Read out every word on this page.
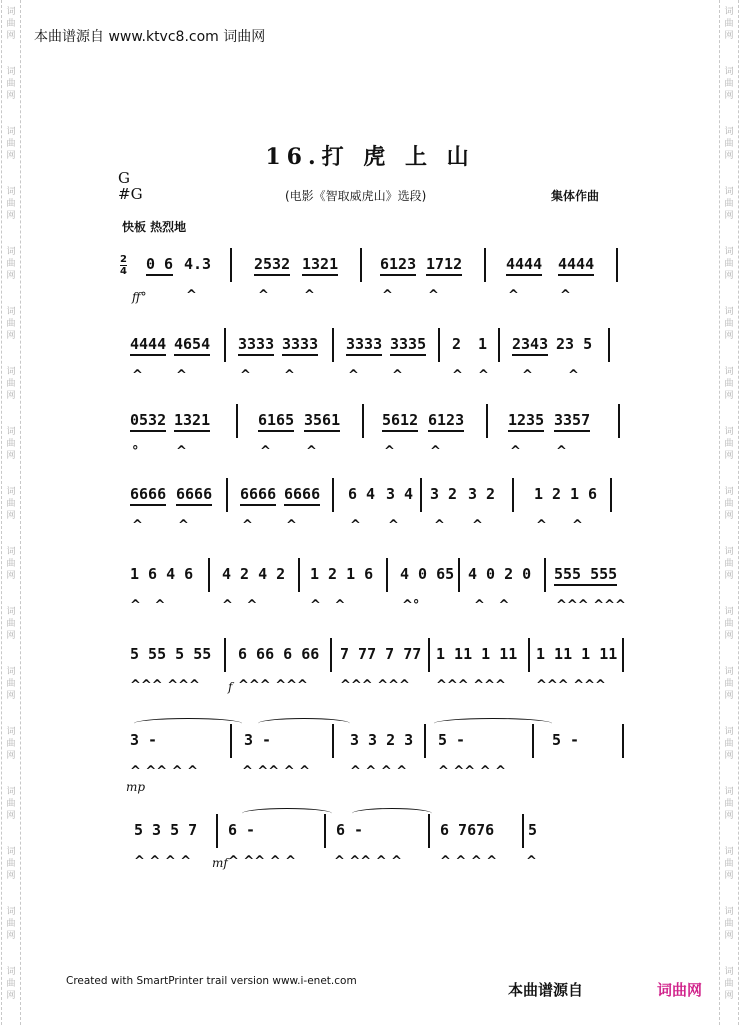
词
曲
网
词
曲
网
词
曲
网
词
曲
网
词
曲
网
词
曲
网
词
曲
网
词
曲
网
词
曲
网
词
曲
网
词
曲
网
词
曲
网
词
曲
网
词
曲
网
词
曲
网
词
曲
网
词
曲
网
词
曲
网
词
曲
网
词
曲
网
词
曲
网
词
曲
网
词
曲
网
词
曲
网
词
曲
网
词
曲
网
词
曲
网
词
曲
网
词
曲
网
词
曲
网
词
曲
网
词
曲
网
词
曲
网
词
曲
网
本曲谱源自 www.ktvc8.com 词曲网
16.打 虎 上 山
G
#G	(电影《智取威虎山》选段)	集体作曲
快板 热烈地
2
4 0 6 4.3	2532 1321	6123 1712	4444 4444
ff°	^	^	^	^	^	^	^
4444 4654 3333 3333 3333 3335 2 1 2343 23 5
^	^	^	^	^	^	^ ^	^	^
0532 1321	6165 3561	5612 6123	1235 3357
°	^	^	^	^	^	^	^
6666 6666 6666 6666 6 4 3 4 3 2 3 2	1 2 1 6
^	^	^	^	^ ^	^ ^	^ ^
1 6 4 6 4 2 4 2 1 2 1 6 4 0 65 4 0 2 0 555 555
^   ^	^   ^	^   ^	^°	^   ^	^^^ ^^^
5 55 5 55 6 66 6 66 7 77 7 77 1 11 1 11 1 11 1 11
^^^ ^^^ f ^^^ ^^^ ^^^ ^^^ ^^^ ^^^ ^^^ ^^^
3 -	3 -	3 3 2 3 5 -	5 -
^ ^^ ^ ^
mp
^ ^^ ^ ^	^ ^ ^ ^ ^ ^^ ^ ^
5 3 5 7 6 -	6 -	6 7676 5
^ ^ ^ ^ mf ^ ^^ ^ ^	^ ^^ ^ ^	^ ^ ^ ^ ^
Created with SmartPrinter trail version www.i-enet.com	本曲谱源自	词曲网
